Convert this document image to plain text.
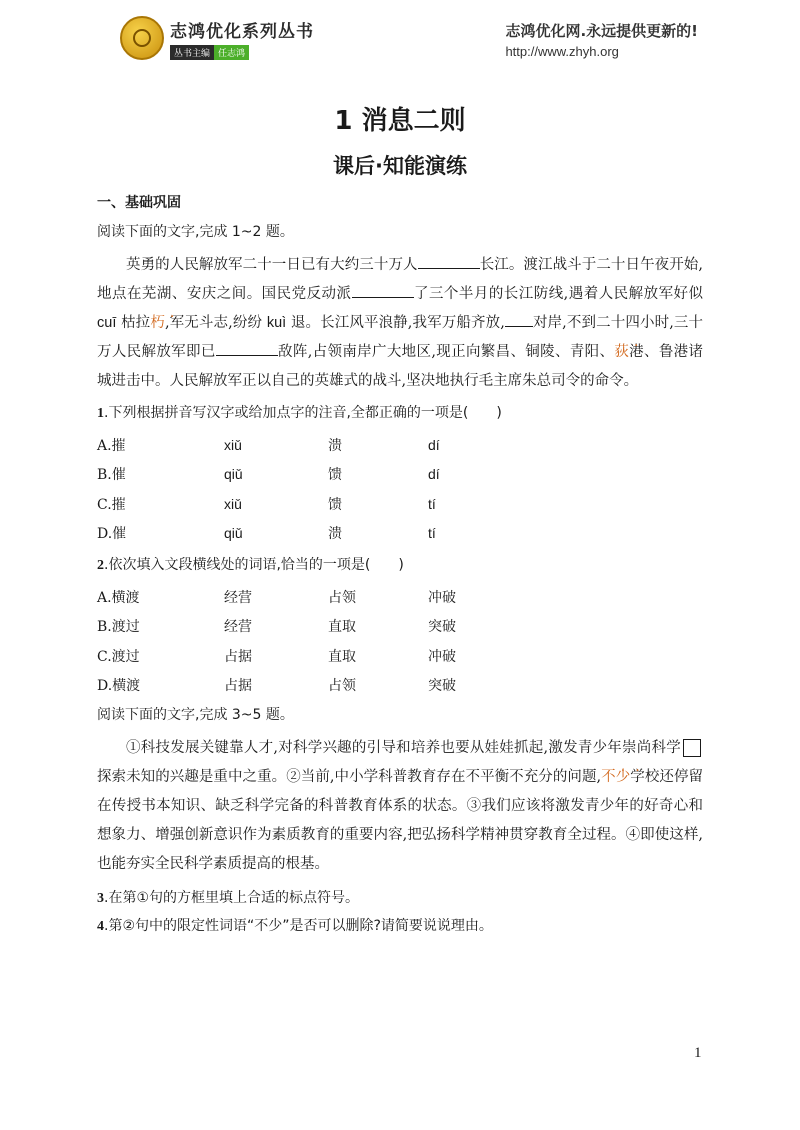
志鸿优化系列丛书
丛书主编 任志鸿
志鸿优化网.永远提供更新的!
http://www.zhyh.org
1 消息二则
课后·知能演练
一、基础巩固
阅读下面的文字,完成 1~2 题。

英勇的人民解放军二十一日已有大约三十万人	长江。渡江战斗于二十日午夜开始,地点在芜湖、安庆之间。国民党反动派	了三个半月的长江防线,遇着人民解放军好似 cuī 枯拉朽,军无斗志,纷纷 kuì 退。长江风平浪静,我军万船齐放, 对岸,不到二十四小时,三十万人民解放军即已	敌阵,占领南岸广大地区,现正向繁昌、铜陵、青阳、荻港、鲁港诸城进击中。人民解放军正以自己的英雄式的战斗,坚决地执行毛主席朱总司令的命令。

1.下列根据拼音写汉字或给加点字的注音,全都正确的一项是(　　)
A.摧	xiǔ	溃	dí
B.催	qiǔ	馈	dí
C.摧	xiǔ	馈	tí
D.催	qiǔ	溃	tí
2.依次填入文段横线处的词语,恰当的一项是(　　)
A.横渡	经营	占领	冲破
B.渡过	经营	直取	突破
C.渡过	占据	直取	冲破
D.横渡	占据	占领	突破
阅读下面的文字,完成 3~5 题。

①科技发展关键靠人才,对科学兴趣的引导和培养也要从娃娃抓起,激发青少年崇尚科学探索未知的兴趣是重中之重。②当前,中小学科普教育存在不平衡不充分的问题,不少学校还停留在传授书本知识、缺乏科学完备的科普教育体系的状态。③我们应该将激发青少年的好奇心和想象力、增强创新意识作为素质教育的重要内容,把弘扬科学精神贯穿教育全过程。④即使这样,也能夯实全民科学素质提高的根基。

3.在第①句的方框里填上合适的标点符号。
4.第②句中的限定性词语“不少”是否可以删除?请简要说说理由。
1
